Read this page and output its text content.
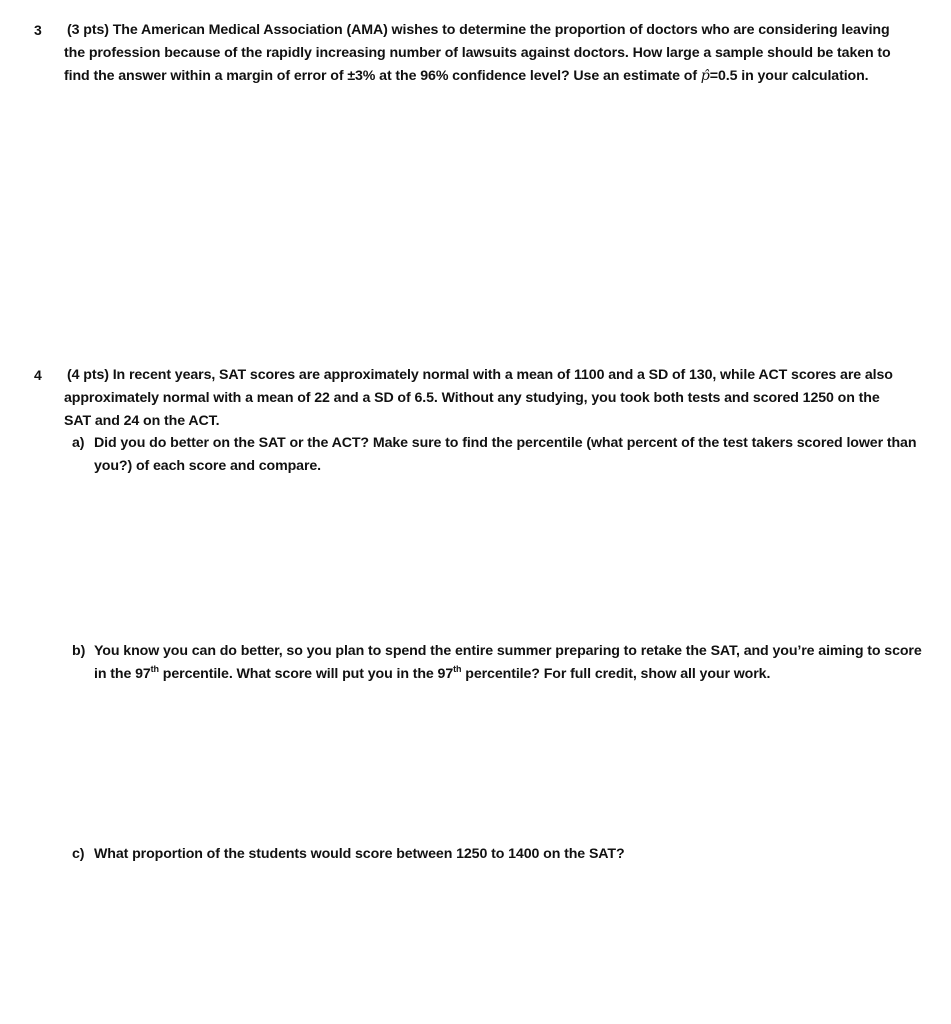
3 (3 pts) The American Medical Association (AMA) wishes to determine the proportion of doctors who are considering leaving the profession because of the rapidly increasing number of lawsuits against doctors. How large a sample should be taken to find the answer within a margin of error of ±3% at the 96% confidence level? Use an estimate of p̂=0.5 in your calculation.
4 (4 pts) In recent years, SAT scores are approximately normal with a mean of 1100 and a SD of 130, while ACT scores are also approximately normal with a mean of 22 and a SD of 6.5. Without any studying, you took both tests and scored 1250 on the SAT and 24 on the ACT.
a) Did you do better on the SAT or the ACT? Make sure to find the percentile (what percent of the test takers scored lower than you?) of each score and compare.
b) You know you can do better, so you plan to spend the entire summer preparing to retake the SAT, and you’re aiming to score in the 97th percentile. What score will put you in the 97th percentile? For full credit, show all your work.
c) What proportion of the students would score between 1250 to 1400 on the SAT?
